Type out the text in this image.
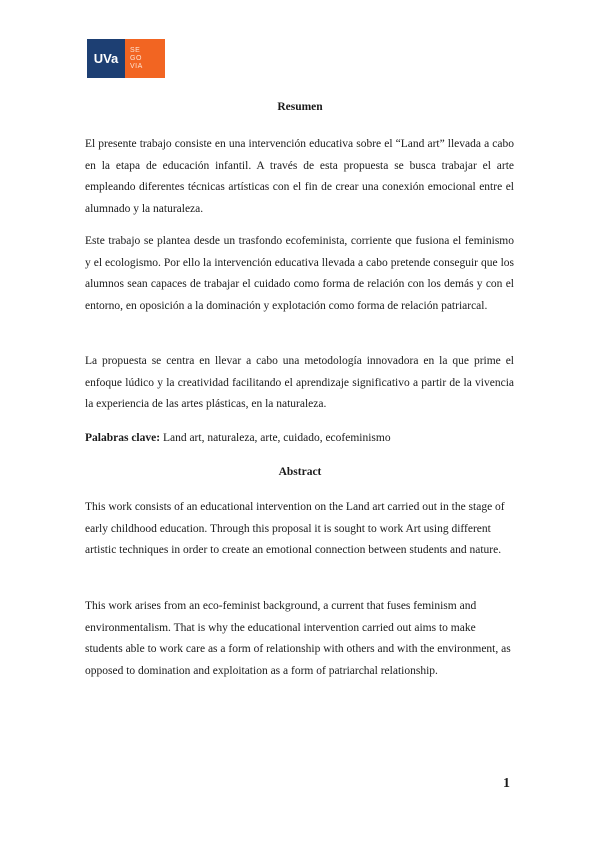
UVa
SE
GO
VIA
Resumen

El presente trabajo consiste en una intervención educativa sobre el “Land art” llevada a cabo en la etapa de educación infantil. A través de esta propuesta se busca trabajar el arte empleando diferentes técnicas artísticas con el fin de crear una conexión emocional entre el alumnado y la naturaleza.

Este trabajo se plantea desde un trasfondo ecofeminista, corriente que fusiona el feminismo y el ecologismo. Por ello la intervención educativa llevada a cabo pretende conseguir que los alumnos sean capaces de trabajar el cuidado como forma de relación con los demás y con el entorno, en oposición a la dominación y explotación como forma de relación patriarcal.

La propuesta se centra en llevar a cabo una metodología innovadora en la que prime el enfoque lúdico y la creatividad facilitando el aprendizaje significativo a partir de la vivencia la experiencia de las artes plásticas, en la naturaleza.

Palabras clave: Land art, naturaleza, arte, cuidado, ecofeminismo

Abstract

This work consists of an educational intervention on the Land art carried out in the stage of early childhood education. Through this proposal it is sought to work Art using different artistic techniques in order to create an emotional connection between students and nature.

This work arises from an eco-feminist background, a current that fuses feminism and environmentalism. That is why the educational intervention carried out aims to make students able to work care as a form of relationship with others and with the environment, as opposed to domination and exploitation as a form of patriarchal relationship.

1
